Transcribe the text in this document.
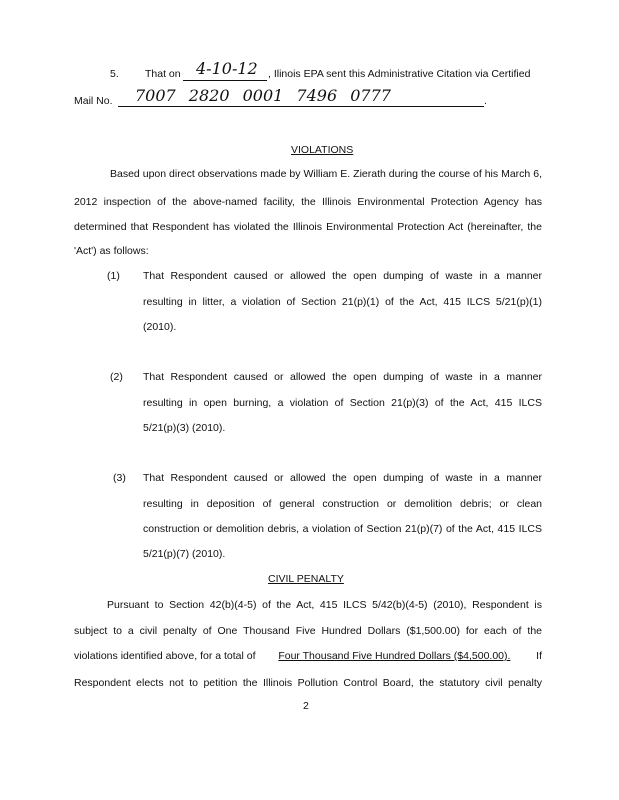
5. That on 4-10-12 , Ilinois EPA sent this Administrative Citation via Certified
Mail No. 7007 2820 0001 7496 0777	.
VIOLATIONS
Based upon direct observations made by William E. Zierath during the course of his March 6,
2012 inspection of the above-named facility, the Illinois Environmental Protection Agency has
determined that Respondent has violated the Illinois Environmental Protection Act (hereinafter, the
'Act') as follows:
(1) That Respondent caused or allowed the open dumping of waste in a manner
resulting in litter, a violation of Section 21(p)(1) of the Act, 415 ILCS 5/21(p)(1)
(2010).
(2) That Respondent caused or allowed the open dumping of waste in a manner
resulting in open burning, a violation of Section 21(p)(3) of the Act, 415 ILCS
5/21(p)(3) (2010).
(3) That Respondent caused or allowed the open dumping of waste in a manner
resulting in deposition of general construction or demolition debris; or clean
construction or demolition debris, a violation of Section 21(p)(7) of the Act, 415 ILCS
5/21(p)(7) (2010).
CIVIL PENALTY
Pursuant to Section 42(b)(4-5) of the Act, 415 ILCS 5/42(b)(4-5) (2010), Respondent is
subject to a civil penalty of One Thousand Five Hundred Dollars ($1,500.00) for each of the
violations identified above, for a total of Four Thousand Five Hundred Dollars ($4,500.00). If
Respondent elects not to petition the Illinois Pollution Control Board, the statutory civil penalty
2
